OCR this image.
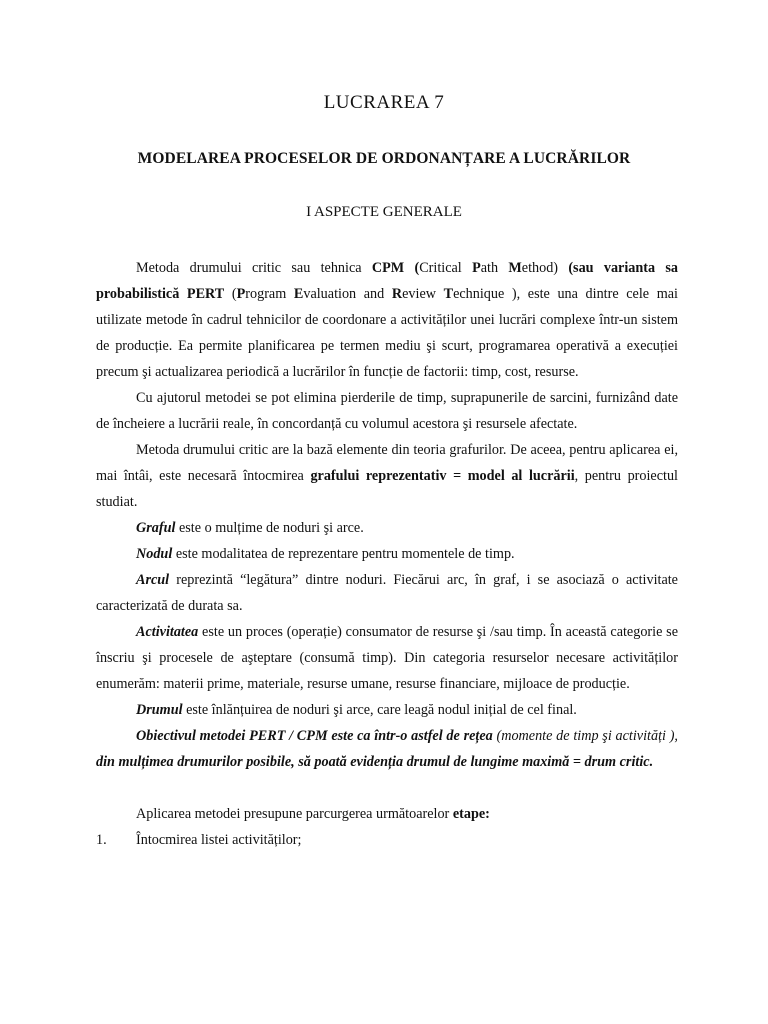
LUCRAREA 7
MODELAREA PROCESELOR DE ORDONANȚARE A LUCRĂRILOR
I ASPECTE GENERALE

Metoda drumului critic sau tehnica CPM (Critical Path Method) (sau varianta sa probabilistică PERT (Program Evaluation and Review Technique ), este una dintre cele mai utilizate metode în cadrul tehnicilor de coordonare a activităților unei lucrări complexe într-un sistem de producție. Ea permite planificarea pe termen mediu şi scurt, programarea operativă a execuției precum şi actualizarea periodică a lucrărilor în funcție de factorii: timp, cost, resurse.

Cu ajutorul metodei se pot elimina pierderile de timp, suprapunerile de sarcini, furnizând date de încheiere a lucrării reale, în concordanță cu volumul acestora şi resursele afectate.

Metoda drumului critic are la bază elemente din teoria grafurilor. De aceea, pentru aplicarea ei, mai întâi, este necesară întocmirea grafului reprezentativ = model al lucrării, pentru proiectul studiat.

Graful este o mulțime de noduri şi arce.

Nodul este modalitatea de reprezentare pentru momentele de timp.

Arcul reprezintă “legătura” dintre noduri. Fiecărui arc, în graf, i se asociază o activitate caracterizată de durata sa.

Activitatea este un proces (operație) consumator de resurse şi /sau timp. În această categorie se înscriu şi procesele de aşteptare (consumă timp). Din categoria resurselor necesare activităților enumerăm: materii prime, materiale, resurse umane, resurse financiare, mijloace de producție.

Drumul este înlănțuirea de noduri şi arce, care leagă nodul inițial de cel final.

Obiectivul metodei PERT / CPM este ca într-o astfel de rețea (momente de timp şi activități ), din mulțimea drumurilor posibile, să poată evidenția drumul de lungime maximă = drum critic.

Aplicarea metodei presupune parcurgerea următoarelor etape:

1.	Întocmirea listei activităților;
